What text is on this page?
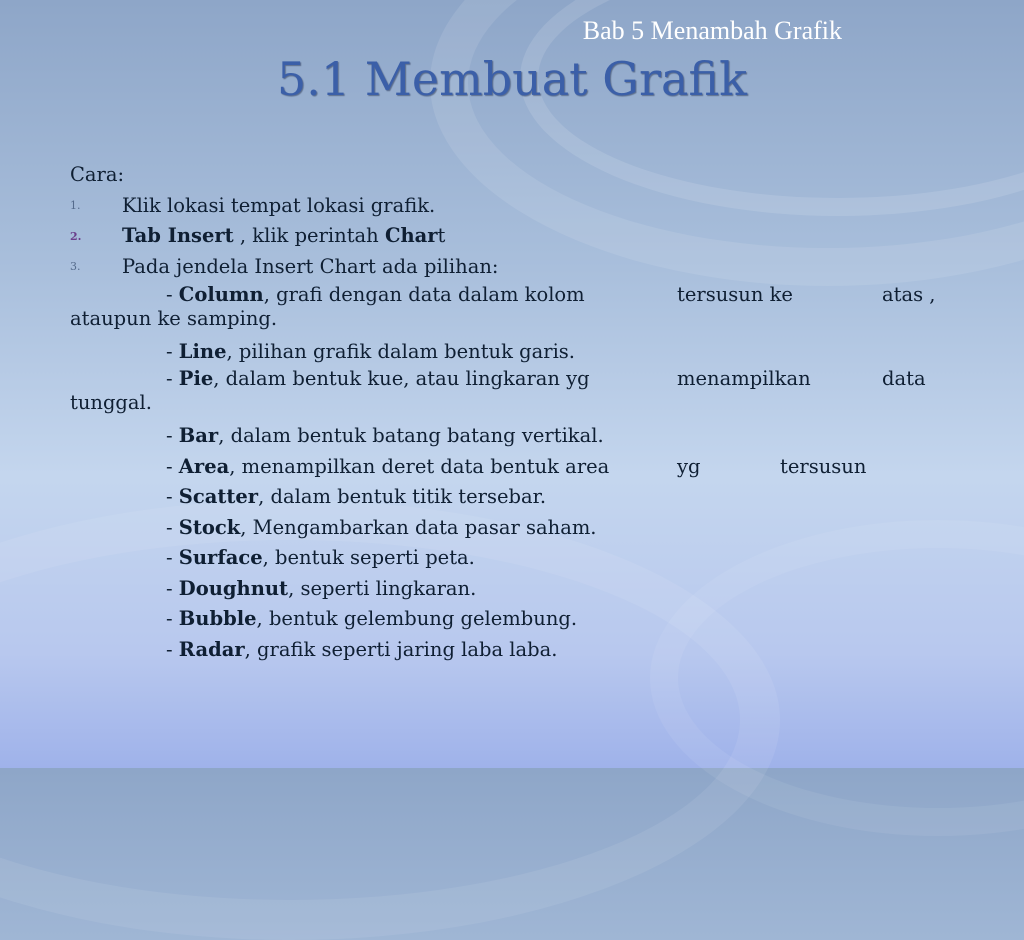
Bab 5 Menambah Grafik
5.1 Membuat Grafik
Cara:
1. Klik lokasi tempat lokasi grafik.
2. Tab Insert , klik perintah Chart
3. Pada jendela Insert Chart ada pilihan:
- Column, grafi dengan data dalam kolom	tersusun ke	atas ,
ataupun ke samping.
- Line, pilihan grafik dalam bentuk garis.
- Pie, dalam bentuk kue, atau lingkaran yg	menampilkan	data
tunggal.
- Bar, dalam bentuk batang batang vertikal.
- Area, menampilkan deret data bentuk area	yg	tersusun
- Scatter, dalam bentuk titik tersebar.
- Stock, Mengambarkan data pasar saham.
- Surface, bentuk seperti peta.
- Doughnut, seperti lingkaran.
- Bubble, bentuk gelembung gelembung.
- Radar, grafik seperti jaring laba laba.
